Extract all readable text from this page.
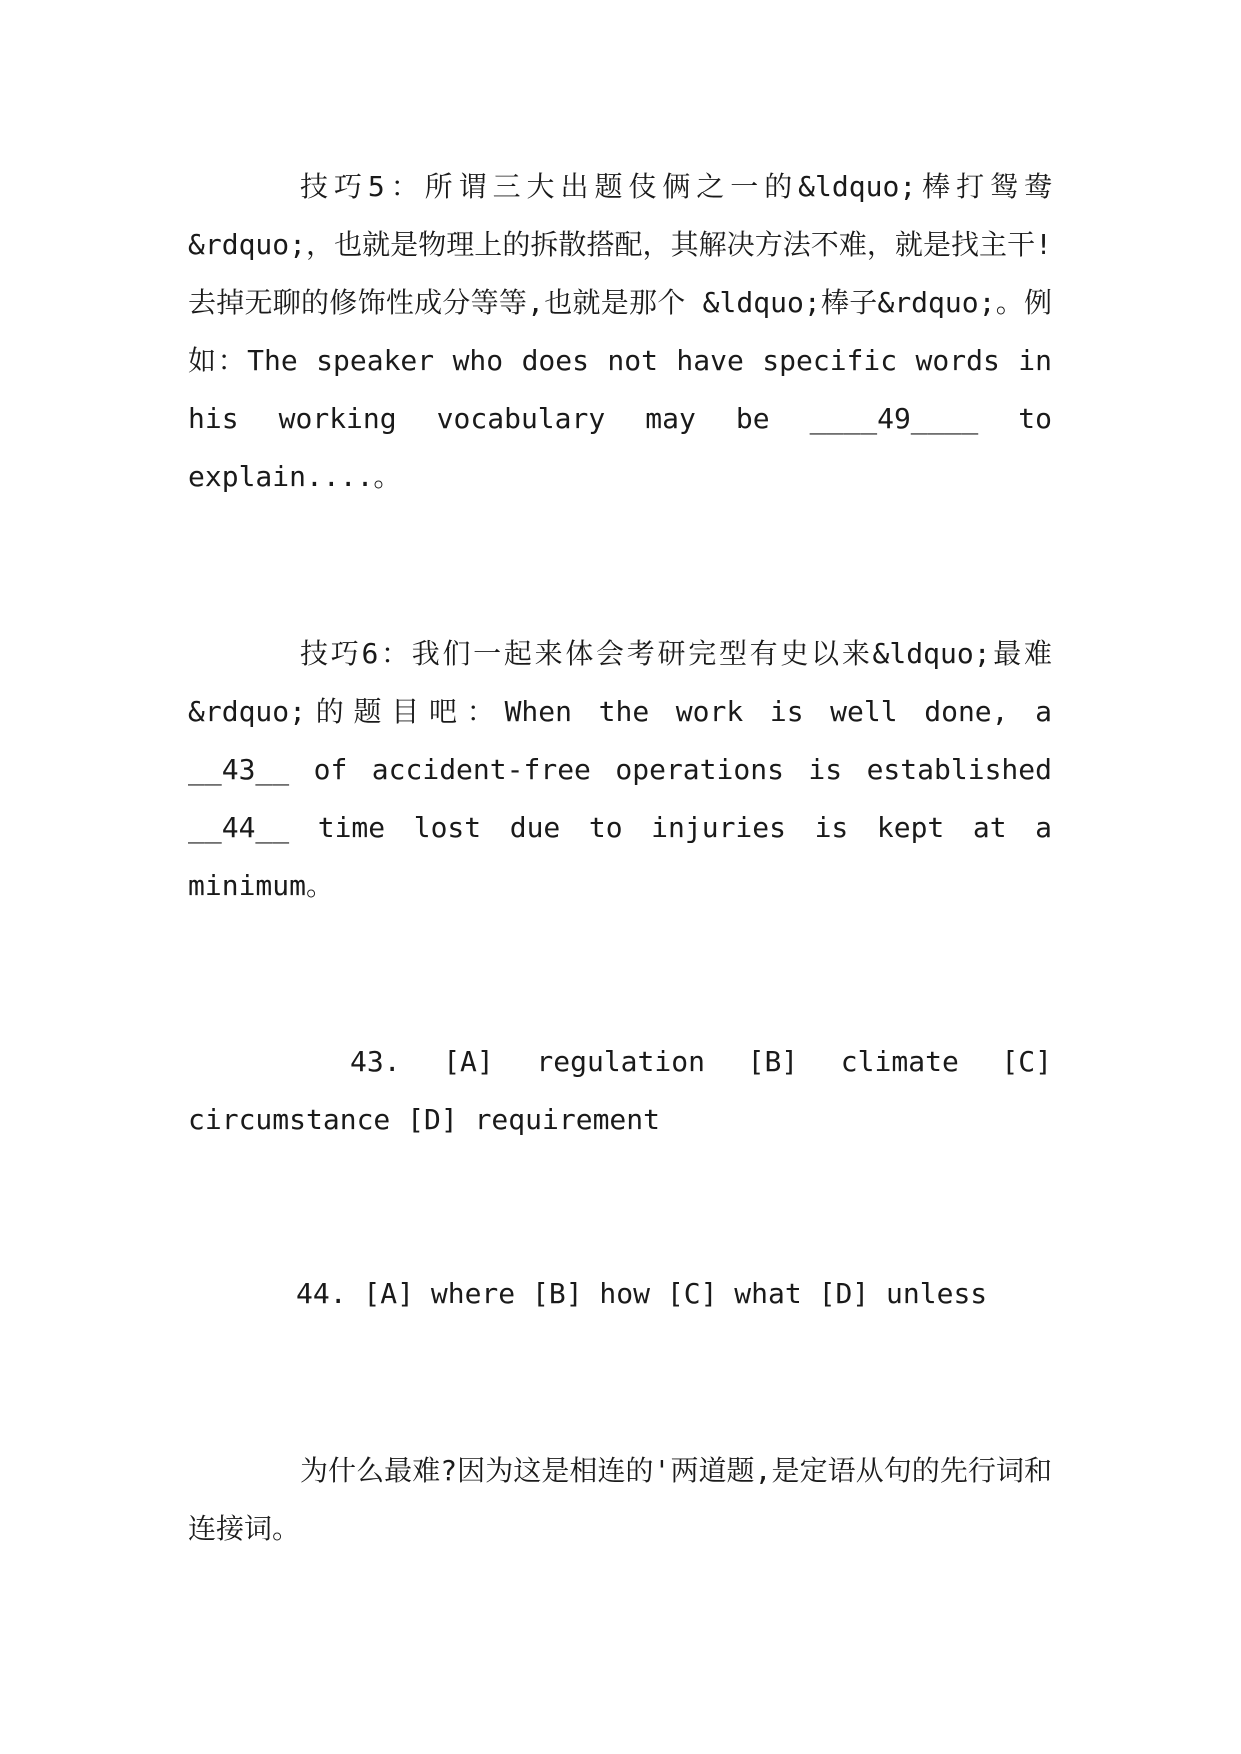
技巧5：所谓三大出题伎俩之一的&ldquo;棒打鸳鸯&rdquo;，也就是物理上的拆散搭配，其解决方法不难，就是找主干!去掉无聊的修饰性成分等等,也就是那个 &ldquo;棒子&rdquo;。例如：The speaker who does not have specific words in his working vocabulary may be ____49____ to explain....。

技巧6：我们一起来体会考研完型有史以来&ldquo;最难&rdquo;的题目吧：When the work is well done, a __43__ of accident-free operations is established __44__ time lost due to injuries is kept at a minimum。

43. [A] regulation [B] climate [C] circumstance [D] requirement

44. [A] where [B] how [C] what [D] unless

为什么最难?因为这是相连的'两道题,是定语从句的先行词和连接词。
